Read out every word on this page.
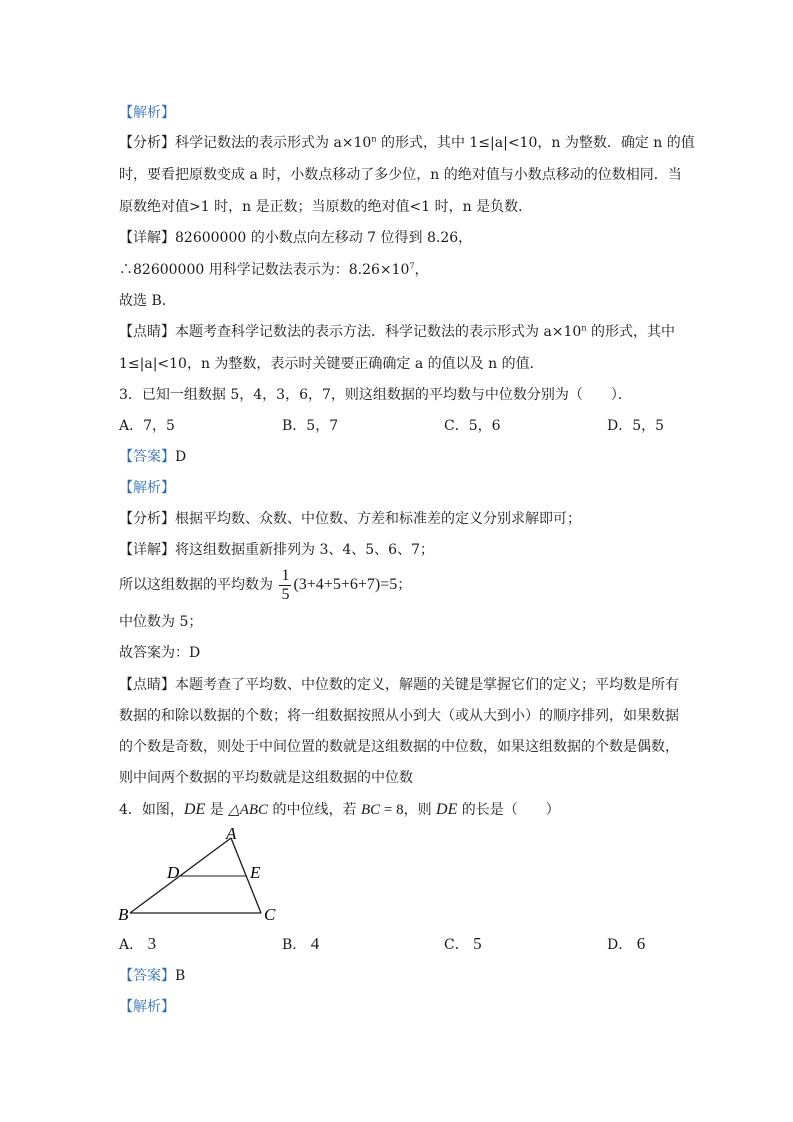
【解析】
【分析】科学记数法的表示形式为 $a\times 10^n$ 的形式，其中 1≤|a|<10，n 为整数．确定 n 的值
时，要看把原数变成 a 时，小数点移动了多少位，n 的绝对值与小数点移动的位数相同．当
原数绝对值>1 时，n 是正数；当原数的绝对值<1 时，n 是负数．
【详解】82600000 的小数点向左移动 7 位得到 8.26，
∴82600000 用科学记数法表示为：$8.26\times 10^7$，
故选 B．
【点睛】本题考查科学记数法的表示方法．科学记数法的表示形式为 $a\times 10^n$ 的形式，其中
1≤|a|<10，n 为整数，表示时关键要正确确定 a 的值以及 n 的值．
3．已知一组数据 5，4，3，6，7，则这组数据的平均数与中位数分别为（　　）．
A．7，5	B．5，7	C．5，6	D．5，5
【答案】D
【解析】
【分析】根据平均数、众数、中位数、方差和标准差的定义分别求解即可；
【详解】将这组数据重新排列为 3、4、5、6、7；
所以这组数据的平均数为 $\frac{1}{5} (3+4+5+6+7)=5$；
中位数为 5；
故答案为：D
【点睛】本题考查了平均数、中位数的定义，解题的关键是掌握它们的定义；平均数是所有
数据的和除以数据的个数；将一组数据按照从小到大（或从大到小）的顺序排列，如果数据
的个数是奇数，则处于中间位置的数就是这组数据的中位数，如果这组数据的个数是偶数，
则中间两个数据的平均数就是这组数据的中位数
4．如图，DE 是 △ABC 的中位线，若 BC = 8，则 DE 的长是（　　）
A
D	E
B	C
A． 3	B． 4	C． 5	D． 6
【答案】B
【解析】
